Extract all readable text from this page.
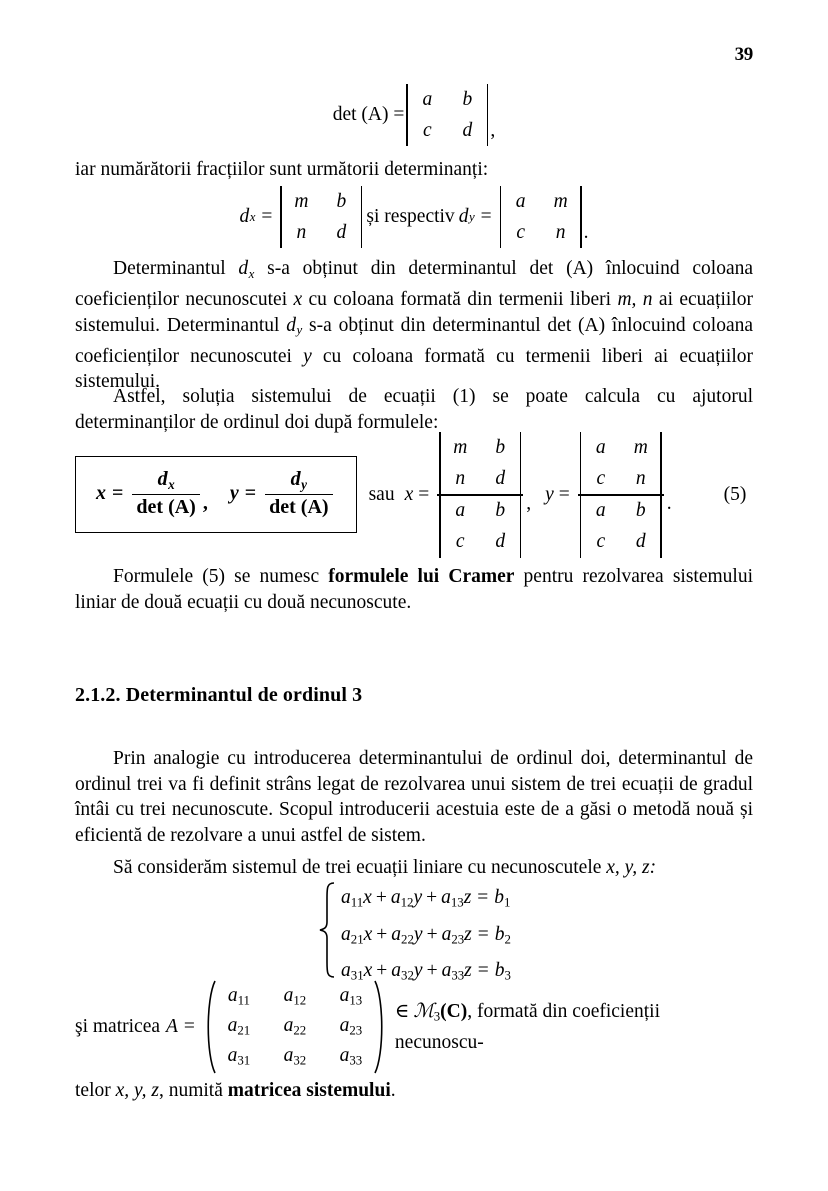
39
det (A) =
a b
c d ,

iar numărătorii fracțiilor sunt următorii determinanți:

d x =
m b
n d
și respectiv d y =
a m
c n .

Determinantul $d_x$ s-a obținut din determinantul det (A) înlocuind coloana coeficienților necunoscutei x cu coloana formată din termenii liberi m, n ai ecuațiilor sistemului. Determinantul $d_y$ s-a obținut din determinantul det (A) înlocuind coloana coeficienților necunoscutei y cu coloana formată cu termenii liberi ai ecuațiilor sistemului.

Astfel, soluția sistemului de ecuații (1) se poate calcula cu ajutorul determinanților de ordinul doi după formulele:

$x = \frac{d_x}{\det (A)}$ , $y = \frac{d_y}{\det (A)}$ sau x = m b
n d
a b
c d , y = a m
c n
a b
c d .	(5)

Formulele (5) se numesc formulele lui Cramer pentru rezolvarea sistemului liniar de două ecuații cu două necunoscute.

2.1.2. Determinantul de ordinul 3

Prin analogie cu introducerea determinantului de ordinul doi, determinantul de ordinul trei va fi definit strâns legat de rezolvarea unui sistem de trei ecuații de gradul întâi cu trei necunoscute. Scopul introducerii acestuia este de a găsi o metodă nouă și eficientă de rezolvare a unui astfel de sistem.

Să considerăm sistemul de trei ecuații liniare cu necunoscutele x, y, z:

a11x + a12y + a13z = b1
a21x + a22y + a23z = b2
a31x + a32y + a33z = b3
şi matricea A =
a11 a12 a13
a21 a22 a23
a31 a32 a33
∈ ℳ3(C), formată din coeficienții necunoscu-

telor x, y, z, numită matricea sistemului.
